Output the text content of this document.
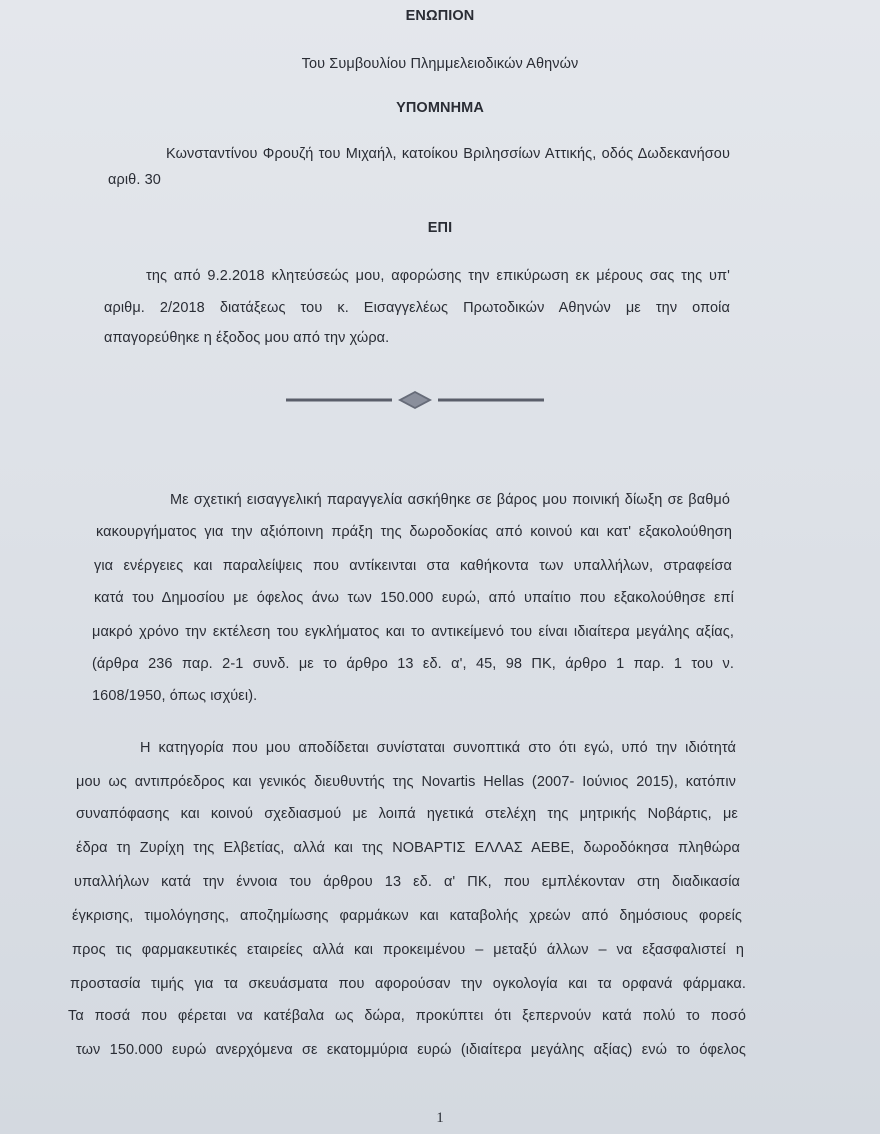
ΕΝΩΠΙΟΝ
Του Συμβουλίου Πλημμελειοδικών Αθηνών
ΥΠΟΜΝΗΜΑ
Κωνσταντίνου Φρουζή του Μιχαήλ, κατοίκου Βριλησσίων Αττικής, οδός Δωδεκανήσου
αριθ. 30
ΕΠΙ
της από 9.2.2018 κλητεύσεώς μου, αφορώσης την επικύρωση εκ μέρους σας της υπ'
αριθμ. 2/2018 διατάξεως του κ. Εισαγγελέως Πρωτοδικών Αθηνών με την οποία
απαγορεύθηκε η έξοδος μου από την χώρα.
Με σχετική εισαγγελική παραγγελία ασκήθηκε σε βάρος μου ποινική δίωξη σε βαθμό
κακουργήματος για την αξιόποινη πράξη της δωροδοκίας από κοινού και κατ' εξακολούθηση
για ενέργειες και παραλείψεις που αντίκεινται στα καθήκοντα των υπαλλήλων, στραφείσα
κατά του Δημοσίου με όφελος άνω των 150.000 ευρώ, από υπαίτιο που εξακολούθησε επί
μακρό χρόνο την εκτέλεση του εγκλήματος και το αντικείμενό του είναι ιδιαίτερα μεγάλης αξίας,
(άρθρα 236 παρ. 2-1 συνδ. με το άρθρο 13 εδ. α', 45, 98 ΠΚ, άρθρο 1 παρ. 1 του ν.
1608/1950, όπως ισχύει).
Η κατηγορία που μου αποδίδεται συνίσταται συνοπτικά στο ότι εγώ, υπό την ιδιότητά
μου ως αντιπρόεδρος και γενικός διευθυντής της Novartis Hellas (2007- Ιούνιος 2015), κατόπιν
συναπόφασης και κοινού σχεδιασμού με λοιπά ηγετικά στελέχη της μητρικής Νοβάρτις, με
έδρα τη Ζυρίχη της Ελβετίας, αλλά και της ΝΟΒΑΡΤΙΣ ΕΛΛΑΣ ΑΕΒΕ, δωροδόκησα πληθώρα
υπαλλήλων κατά την έννοια του άρθρου 13 εδ. α' ΠΚ, που εμπλέκονταν στη διαδικασία
έγκρισης, τιμολόγησης, αποζημίωσης φαρμάκων και καταβολής χρεών από δημόσιους φορείς
προς τις φαρμακευτικές εταιρείες αλλά και προκειμένου – μεταξύ άλλων – να εξασφαλιστεί η
προστασία τιμής για τα σκευάσματα που αφορούσαν την ογκολογία και τα ορφανά φάρμακα.
Τα ποσά που φέρεται να κατέβαλα ως δώρα, προκύπτει ότι ξεπερνούν κατά πολύ το ποσό
των 150.000 ευρώ ανερχόμενα σε εκατομμύρια ευρώ (ιδιαίτερα μεγάλης αξίας) ενώ το όφελος
1
